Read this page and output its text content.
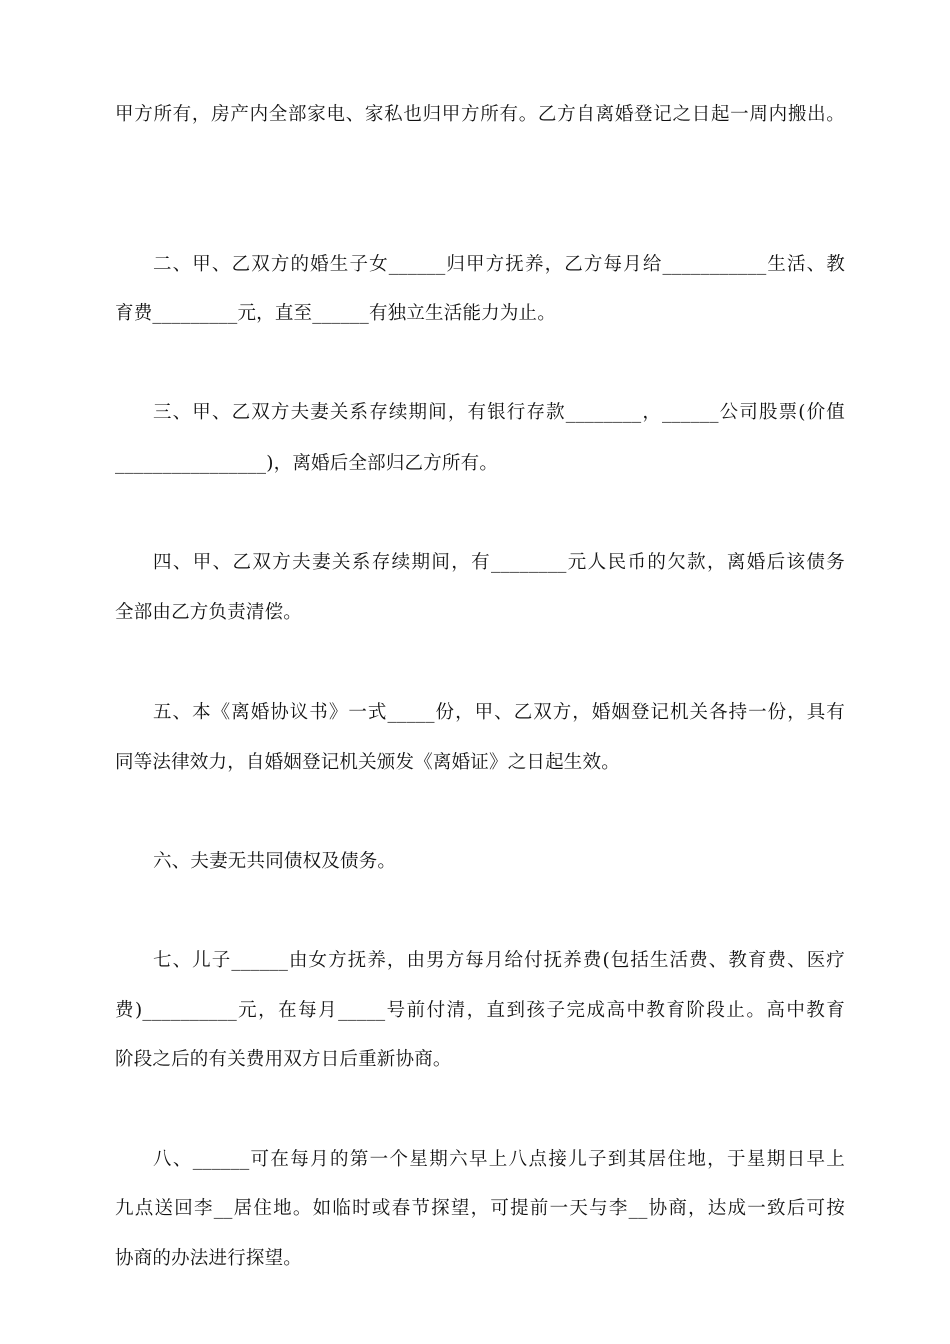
甲方所有，房产内全部家电、家私也归甲方所有。乙方自离婚登记之日起一周内搬出。
二、甲、乙双方的婚生子女______归甲方抚养，乙方每月给___________生活、教
育费_________元，直至______有独立生活能力为止。
三、甲、乙双方夫妻关系存续期间，有银行存款________，______公司股票(价值
________________)，离婚后全部归乙方所有。
四、甲、乙双方夫妻关系存续期间，有________元人民币的欠款，离婚后该债务
全部由乙方负责清偿。
五、本《离婚协议书》一式_____份，甲、乙双方，婚姻登记机关各持一份，具有
同等法律效力，自婚姻登记机关颁发《离婚证》之日起生效。
六、夫妻无共同债权及债务。
七、儿子______由女方抚养，由男方每月给付抚养费(包括生活费、教育费、医疗
费)__________元，在每月_____号前付清，直到孩子完成高中教育阶段止。高中教育
阶段之后的有关费用双方日后重新协商。
八、______可在每月的第一个星期六早上八点接儿子到其居住地，于星期日早上
九点送回李__居住地。如临时或春节探望，可提前一天与李__协商，达成一致后可按
协商的办法进行探望。
